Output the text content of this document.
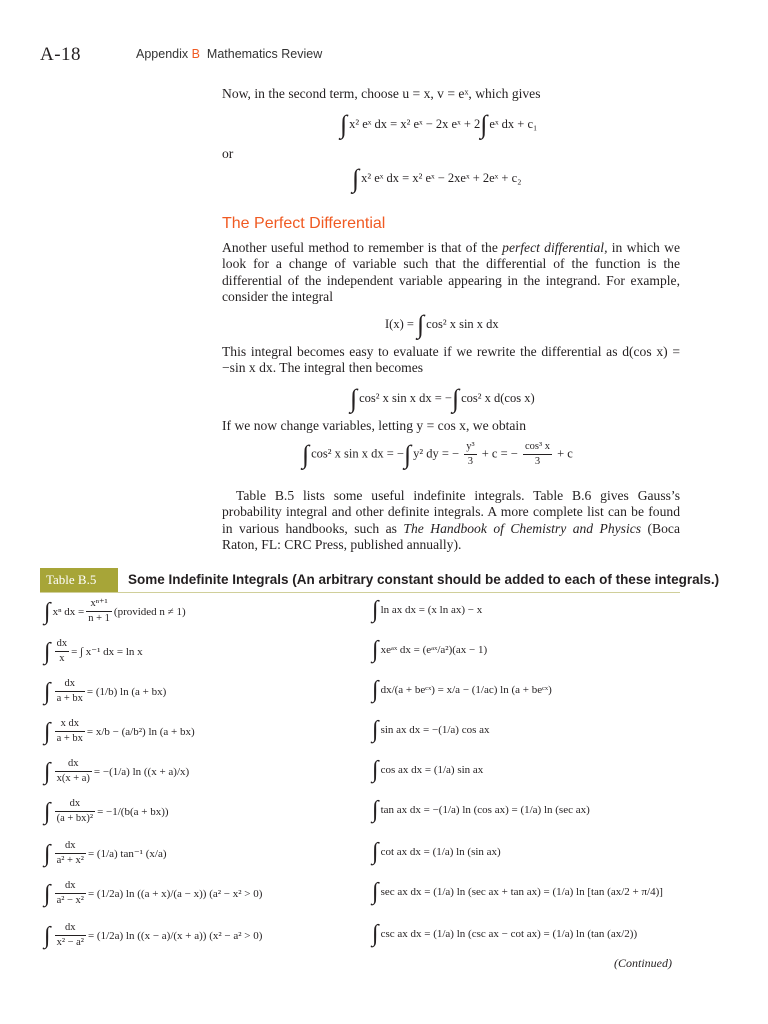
A-18	Appendix B Mathematics Review
Now, in the second term, choose u = x, v = eˣ, which gives
∫ x² eˣ dx = x² eˣ − 2x eˣ + 2∫ eˣ dx + c₁
or
∫ x² eˣ dx = x² eˣ − 2xeˣ + 2eˣ + c₂
The Perfect Differential
Another useful method to remember is that of the perfect differential, in which we look for a change of variable such that the differential of the function is the differential of the independent variable appearing in the integrand. For example, consider the integral
I(x) = ∫ cos² x sin x dx
This integral becomes easy to evaluate if we rewrite the differential as d(cos x) = −sin x dx. The integral then becomes
∫ cos² x sin x dx = −∫ cos² x d(cos x)
If we now change variables, letting y = cos x, we obtain
∫ cos² x sin x dx = −∫ y² dy = − $\frac{\text{y³}}{3} + c$ = − $\frac{\text{cos³ x}}{3} + c$
Table B.5 lists some useful indefinite integrals. Table B.6 gives Gauss’s probability integral and other definite integrals. A more complete list can be found in various handbooks, such as The Handbook of Chemistry and Physics (Boca Raton, FL: CRC Press, published annually).
Table B.5	Some Indefinite Integrals (An arbitrary constant should be added to each of these integrals.)
∫ xⁿ dx = $\frac{\text{xⁿ⁺¹}}{n + 1}$ (provided n ≠ 1)
∫ $\frac{dx}{x}$ = ∫ x⁻¹ dx = ln x
∫ $\frac{dx}{a + bx} = (1/b)$ ln (a + bx)
∫ $\frac{\text{x dx}}{a + bx} = x/b - (a/b^2)$ ln (a + bx)
∫ $\frac{dx}{x(x + a)} = -(1/a)$ ln ((x + a)/x)
∫ $\frac{dx}{\text{(a + bx)²}} = -1/(b(a + bx))$
∫ $\frac{dx}{\text{a² + x²}} = (1/a)$ tan⁻¹ (x/a)
∫ $\frac{dx}{\text{a² − x²}} = (1/2a)$ ln ((a + x)/(a − x)) (a² − x² > 0)
∫ $\frac{dx}{\text{x² − a²}} = (1/2a)$ ln ((x − a)/(x + a)) (x² − a² > 0)
∫ ln ax dx = (x ln ax) − x
∫ xeᵃˣ dx = (eᵃˣ/a²)(ax − 1)
∫ dx/(a + beᶜˣ) = x/a − (1/ac) ln (a + beᶜˣ)
∫ sin ax dx = −(1/a) cos ax
∫ cos ax dx = (1/a) sin ax
∫ tan ax dx = −(1/a) ln (cos ax) = (1/a) ln (sec ax)
∫ cot ax dx = (1/a) ln (sin ax)
∫ sec ax dx = (1/a) ln (sec ax + tan ax) = (1/a) ln [tan (ax/2 + π/4)]
∫ csc ax dx = (1/a) ln (csc ax − cot ax) = (1/a) ln (tan (ax/2))
(Continued)
